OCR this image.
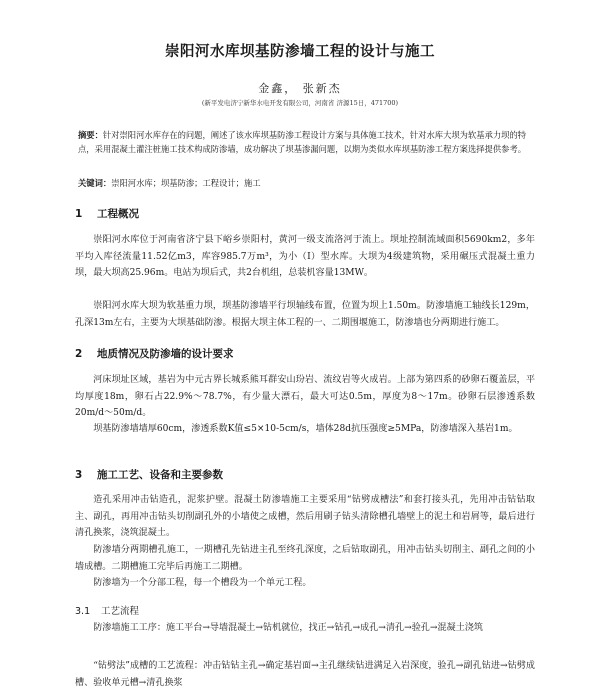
崇阳河水库坝基防渗墙工程的设计与施工
金鑫， 张新杰
(新平发电济宁新华水电开发有限公司，河南省 济源15日，471700)
摘要：针对崇阳河水库存在的问题，阐述了该水库坝基防渗工程设计方案与具体施工技术，针对水库大坝为软基承力坝的特点，采用混凝土灌注桩施工技术构成防渗墙，成功解决了坝基渗漏问题，以期为类似水库坝基防渗工程方案选择提供参考。
关键词：崇阳河水库；坝基防渗；工程设计；施工
1 工程概况
崇阳河水库位于河南省济宁县下峪乡崇阳村，黄河一级支流洛河于流上。坝址控制流域面积5690km2，多年平均入库径流量11.52亿m3，库容985.7万m³，为小（Ⅰ）型水库。大坝为4级建筑物，采用碾压式混凝土重力坝，最大坝高25.96m。电站为坝后式，共2台机组，总装机容量13MW。
崇阳河水库大坝为软基重力坝，坝基防渗墙平行坝轴线布置，位置为坝上1.50m。防渗墙施工轴线长129m，孔深13m左右，主要为大坝基础防渗。根据大坝主体工程的一、二期围堰施工，防渗墙也分两期进行施工。
2 地质情况及防渗墙的设计要求
河床坝址区域，基岩为中元古界长城系熊耳群安山玢岩、流纹岩等火成岩。上部为第四系的砂卵石覆盖层，平均厚度18m，卵石占22.9%～78.7%，有少量大漂石，最大可达0.5m，厚度为8～17m。砂卵石层渗透系数20m/d～50m/d。
坝基防渗墙墙厚60cm，渗透系数K值≤5×10-5cm/s，墙体28d抗压强度≥5MPa，防渗墙深入基岩1m。
3 施工工艺、设备和主要参数
造孔采用冲击钻造孔，泥浆护壁。混凝土防渗墙施工主要采用“钻劈成槽法”和套打接头孔，先用冲击钻钻取主、副孔，再用冲击钻头切削副孔外的小墙使之成槽，然后用刷子钻头清除槽孔墙壁上的泥土和岩屑等，最后进行清孔换浆，浇筑混凝土。
防渗墙分两期槽孔施工，一期槽孔先钻进主孔至终孔深度，之后钻取副孔，用冲击钻头切削主、副孔之间的小墙成槽。二期槽施工完毕后再施工二期槽。
防渗墙为一个分部工程，每一个槽段为一个单元工程。
3.1 工艺流程
防渗墙施工工序：施工平台→导墙混凝土→钻机就位，找正→钻孔→成孔→清孔→验孔→混凝土浇筑
“钻劈法”成槽的工艺流程：冲击钻钻主孔→确定基岩面→主孔继续钻进满足入岩深度，验孔→副孔钻进→钻劈成槽、验收单元槽→清孔换浆
